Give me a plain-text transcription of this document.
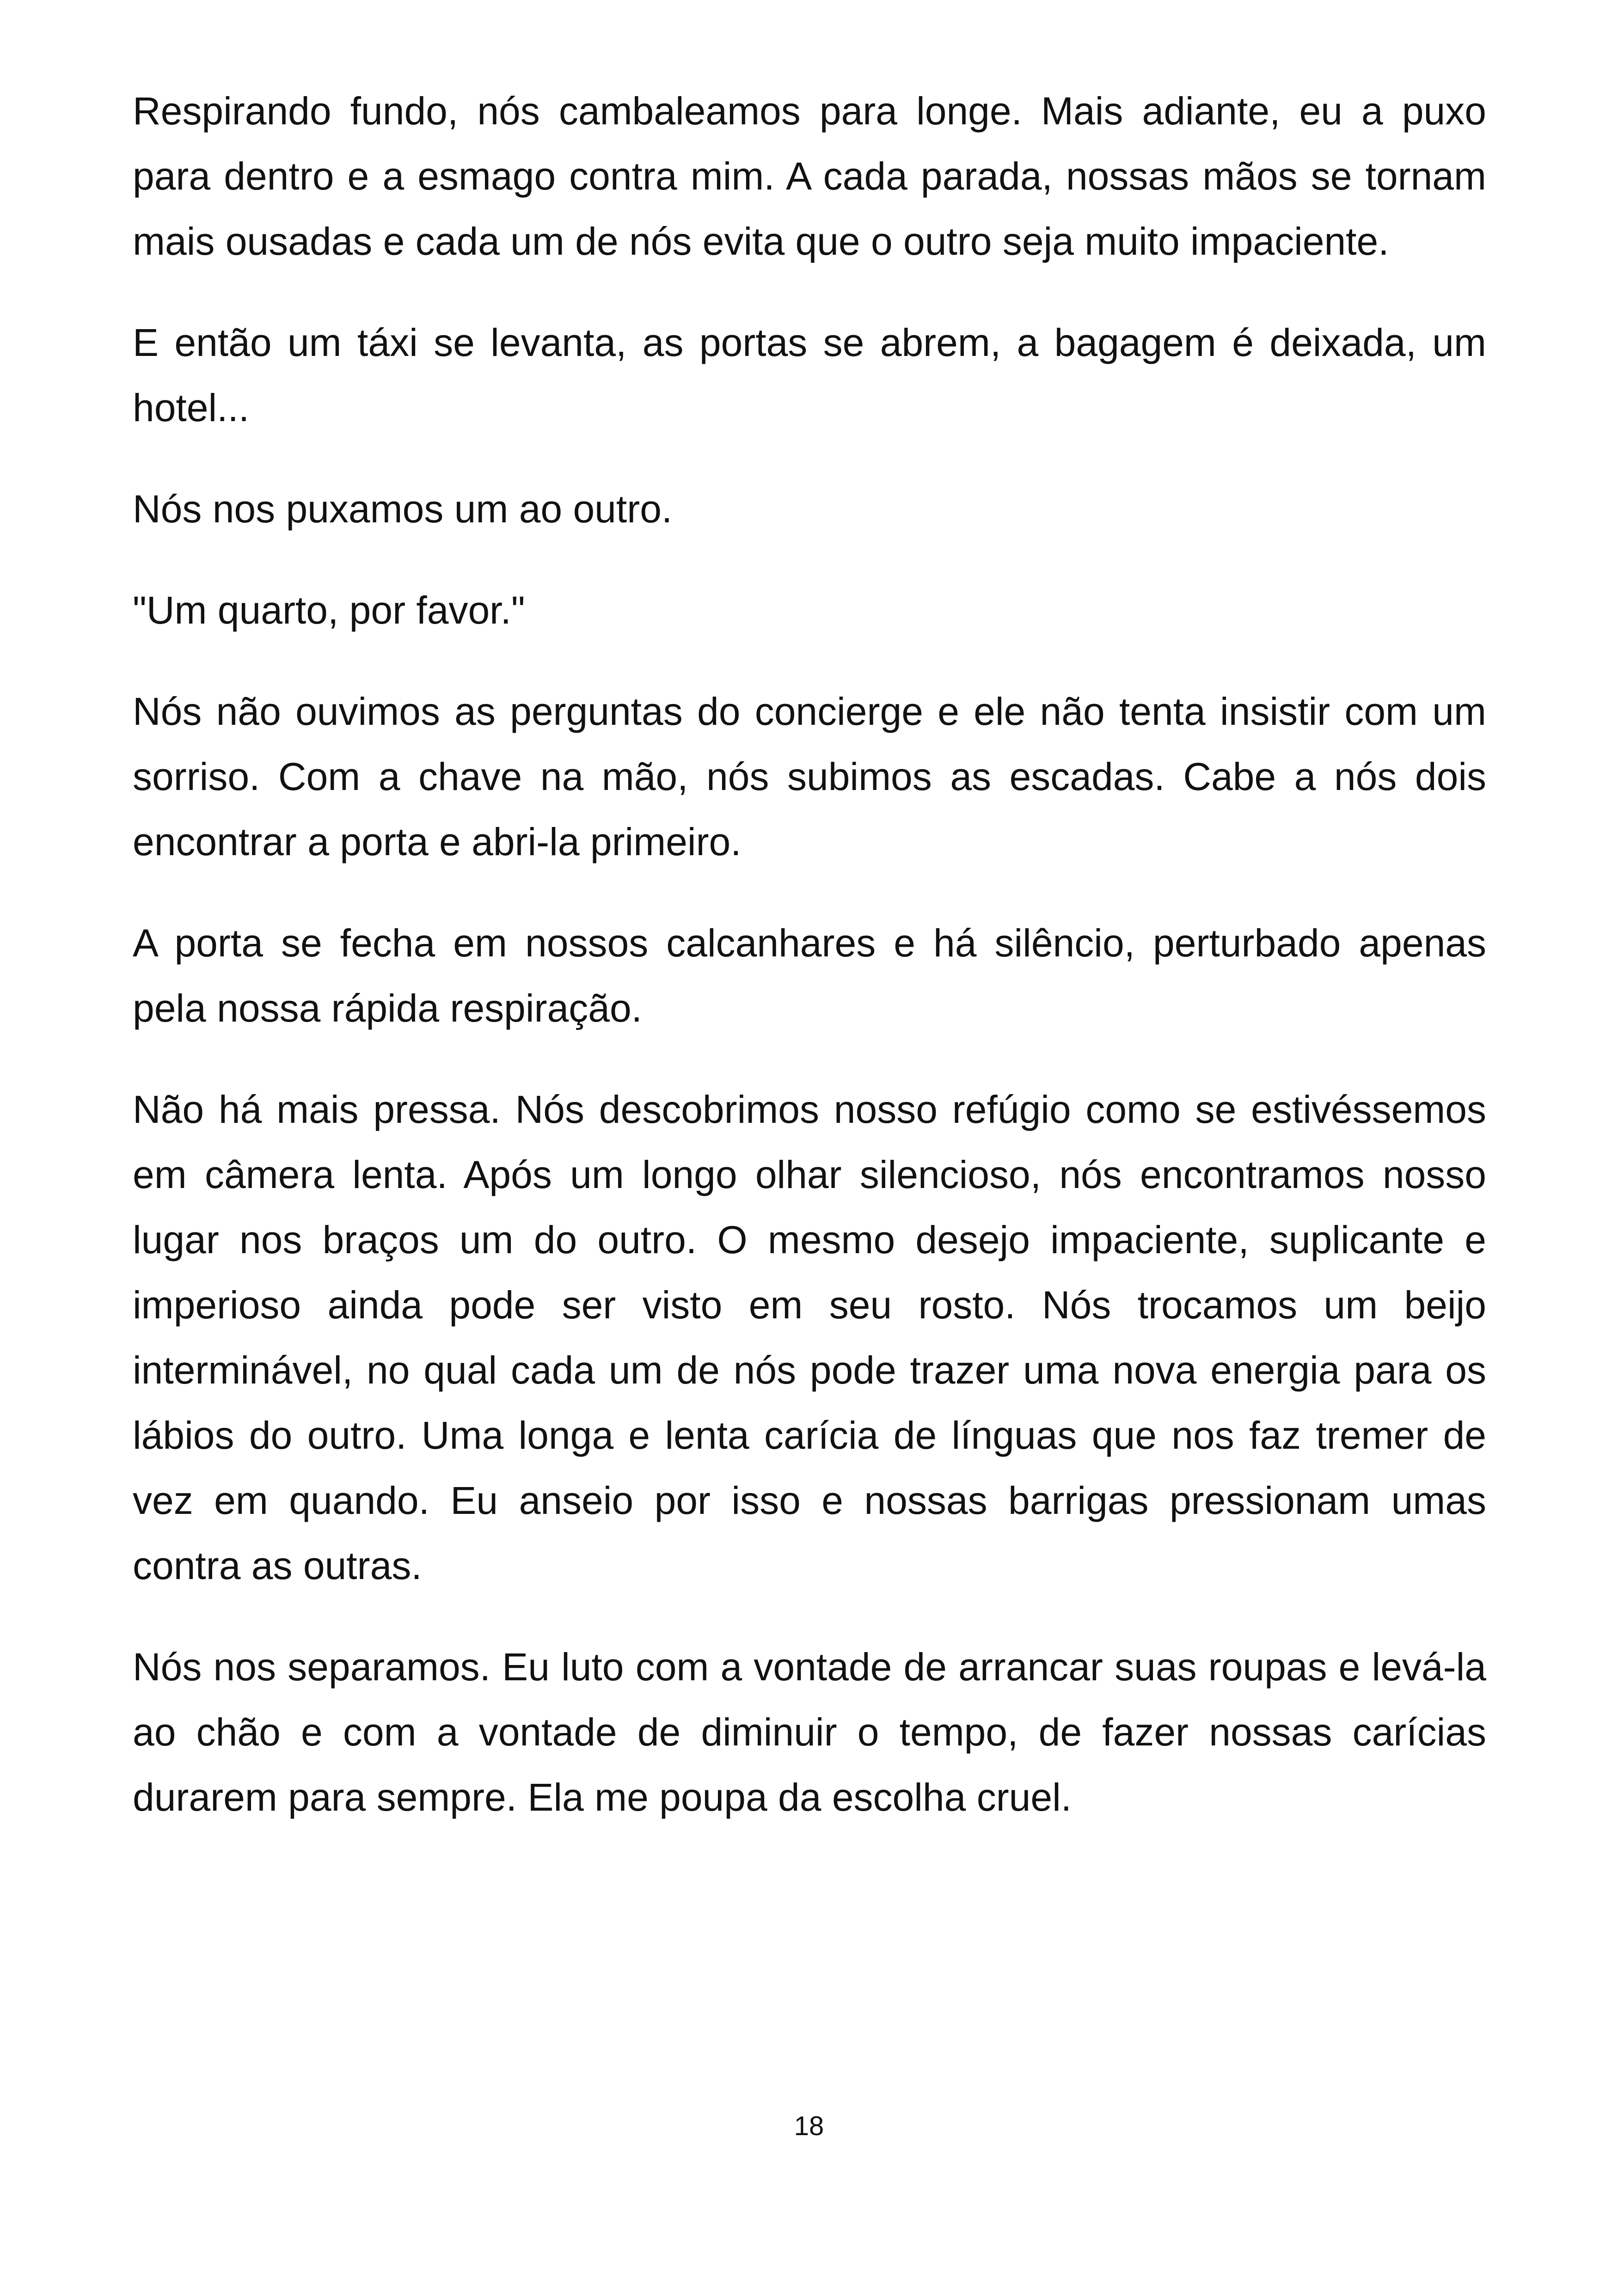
Respirando fundo, nós cambaleamos para longe. Mais adiante, eu a puxo para dentro e a esmago contra mim. A cada parada, nossas mãos se tornam mais ousadas e cada um de nós evita que o outro seja muito impaciente.

E então um táxi se levanta, as portas se abrem, a bagagem é deixada, um hotel...

Nós nos puxamos um ao outro.

"Um quarto, por favor."

Nós não ouvimos as perguntas do concierge e ele não tenta insistir com um sorriso. Com a chave na mão, nós subimos as escadas. Cabe a nós dois encontrar a porta e abri-la primeiro.

A porta se fecha em nossos calcanhares e há silêncio, perturbado apenas pela nossa rápida respiração.

Não há mais pressa. Nós descobrimos nosso refúgio como se estivéssemos em câmera lenta. Após um longo olhar silencioso, nós encontramos nosso lugar nos braços um do outro. O mesmo desejo impaciente, suplicante e imperioso ainda pode ser visto em seu rosto. Nós trocamos um beijo interminável, no qual cada um de nós pode trazer uma nova energia para os lábios do outro. Uma longa e lenta carícia de línguas que nos faz tremer de vez em quando. Eu anseio por isso e nossas barrigas pressionam umas contra as outras.

Nós nos separamos. Eu luto com a vontade de arrancar suas roupas e levá-la ao chão e com a vontade de diminuir o tempo, de fazer nossas carícias durarem para sempre. Ela me poupa da escolha cruel.

18
